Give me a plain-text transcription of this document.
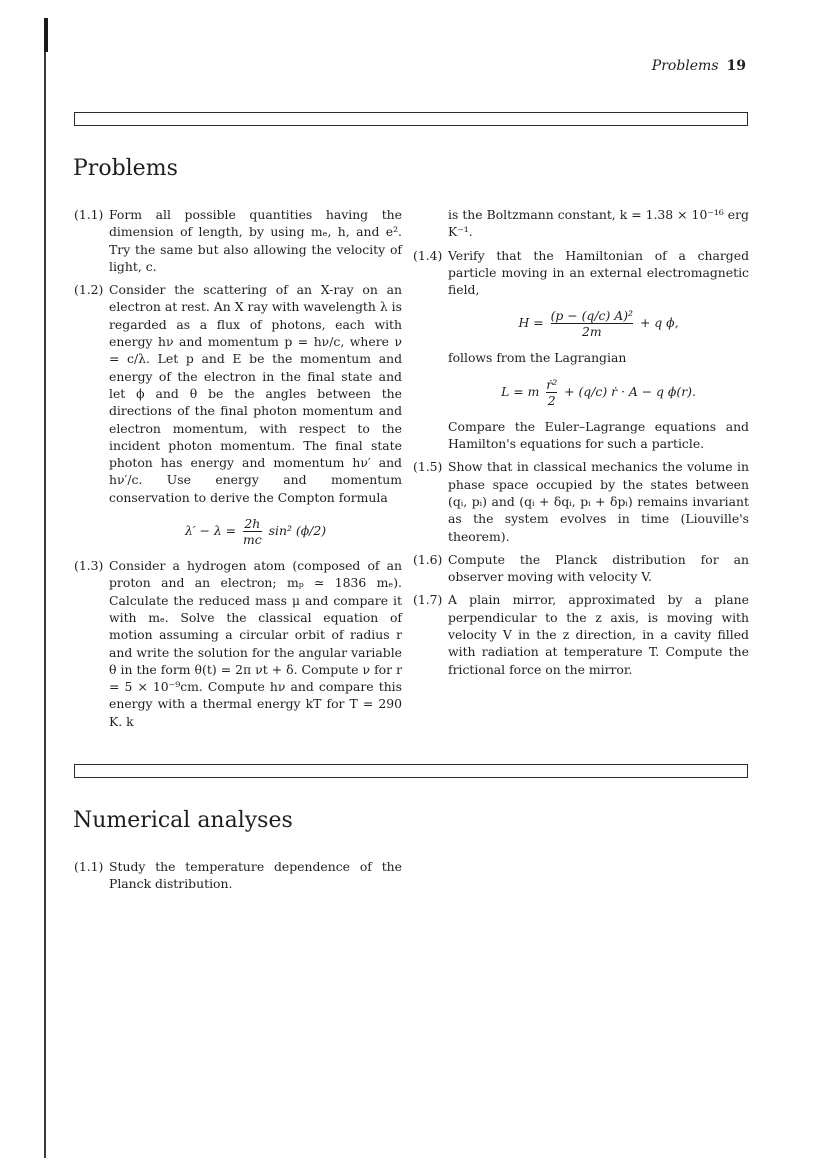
Problems 19
Problems
(1.1) Form all possible quantities having the dimension of length, by using mₑ, h, and e². Try the same but also allowing the velocity of light, c.

(1.2) Consider the scattering of an X-ray on an electron at rest. An X ray with wavelength λ is regarded as a flux of photons, each with energy hν and momentum p = hν/c, where ν = c/λ. Let p and E be the momentum and energy of the electron in the final state and let ϕ and θ be the angles between the directions of the final photon momentum and electron momentum, with respect to the incident photon momentum. The final state photon has energy and momentum hν′ and hν′/c. Use energy and momentum conservation to derive the Compton formula

$\lambda' - \lambda = \frac{2h}{mc} \sin^2$ (ϕ/2)
(1.3) Consider a hydrogen atom (composed of an proton and an electron; mₚ ≃ 1836 mₑ). Calculate the reduced mass μ and compare it with mₑ. Solve the classical equation of motion assuming a circular orbit of radius r and write the solution for the angular variable θ in the form θ(t) = 2π νt + δ. Compute ν for r = 5 × 10⁻⁹cm. Compute hν and compare this energy with a thermal energy kT for T = 290 K. k

is the Boltzmann constant, k = 1.38 × 10⁻¹⁶ erg K⁻¹.

(1.4) Verify that the Hamiltonian of a charged particle moving in an external electromagnetic field,

$H = \frac{\text{(p − (q/c) A)²}}{2m} + q$ ϕ,

follows from the Lagrangian

L = m $\frac{\text{ṙ²}}{2} + (q/c)$ ṙ · A − q ϕ(r).

Compare the Euler–Lagrange equations and Hamilton's equations for such a particle.

(1.5) Show that in classical mechanics the volume in phase space occupied by the states between (qᵢ, pᵢ) and (qᵢ + δqᵢ, pᵢ + δpᵢ) remains invariant as the system evolves in time (Liouville's theorem).

(1.6) Compute the Planck distribution for an observer moving with velocity V.

(1.7) A plain mirror, approximated by a plane perpendicular to the z axis, is moving with velocity V in the z direction, in a cavity filled with radiation at temperature T. Compute the frictional force on the mirror.

Numerical analyses
(1.1) Study the temperature dependence of the Planck distribution.
